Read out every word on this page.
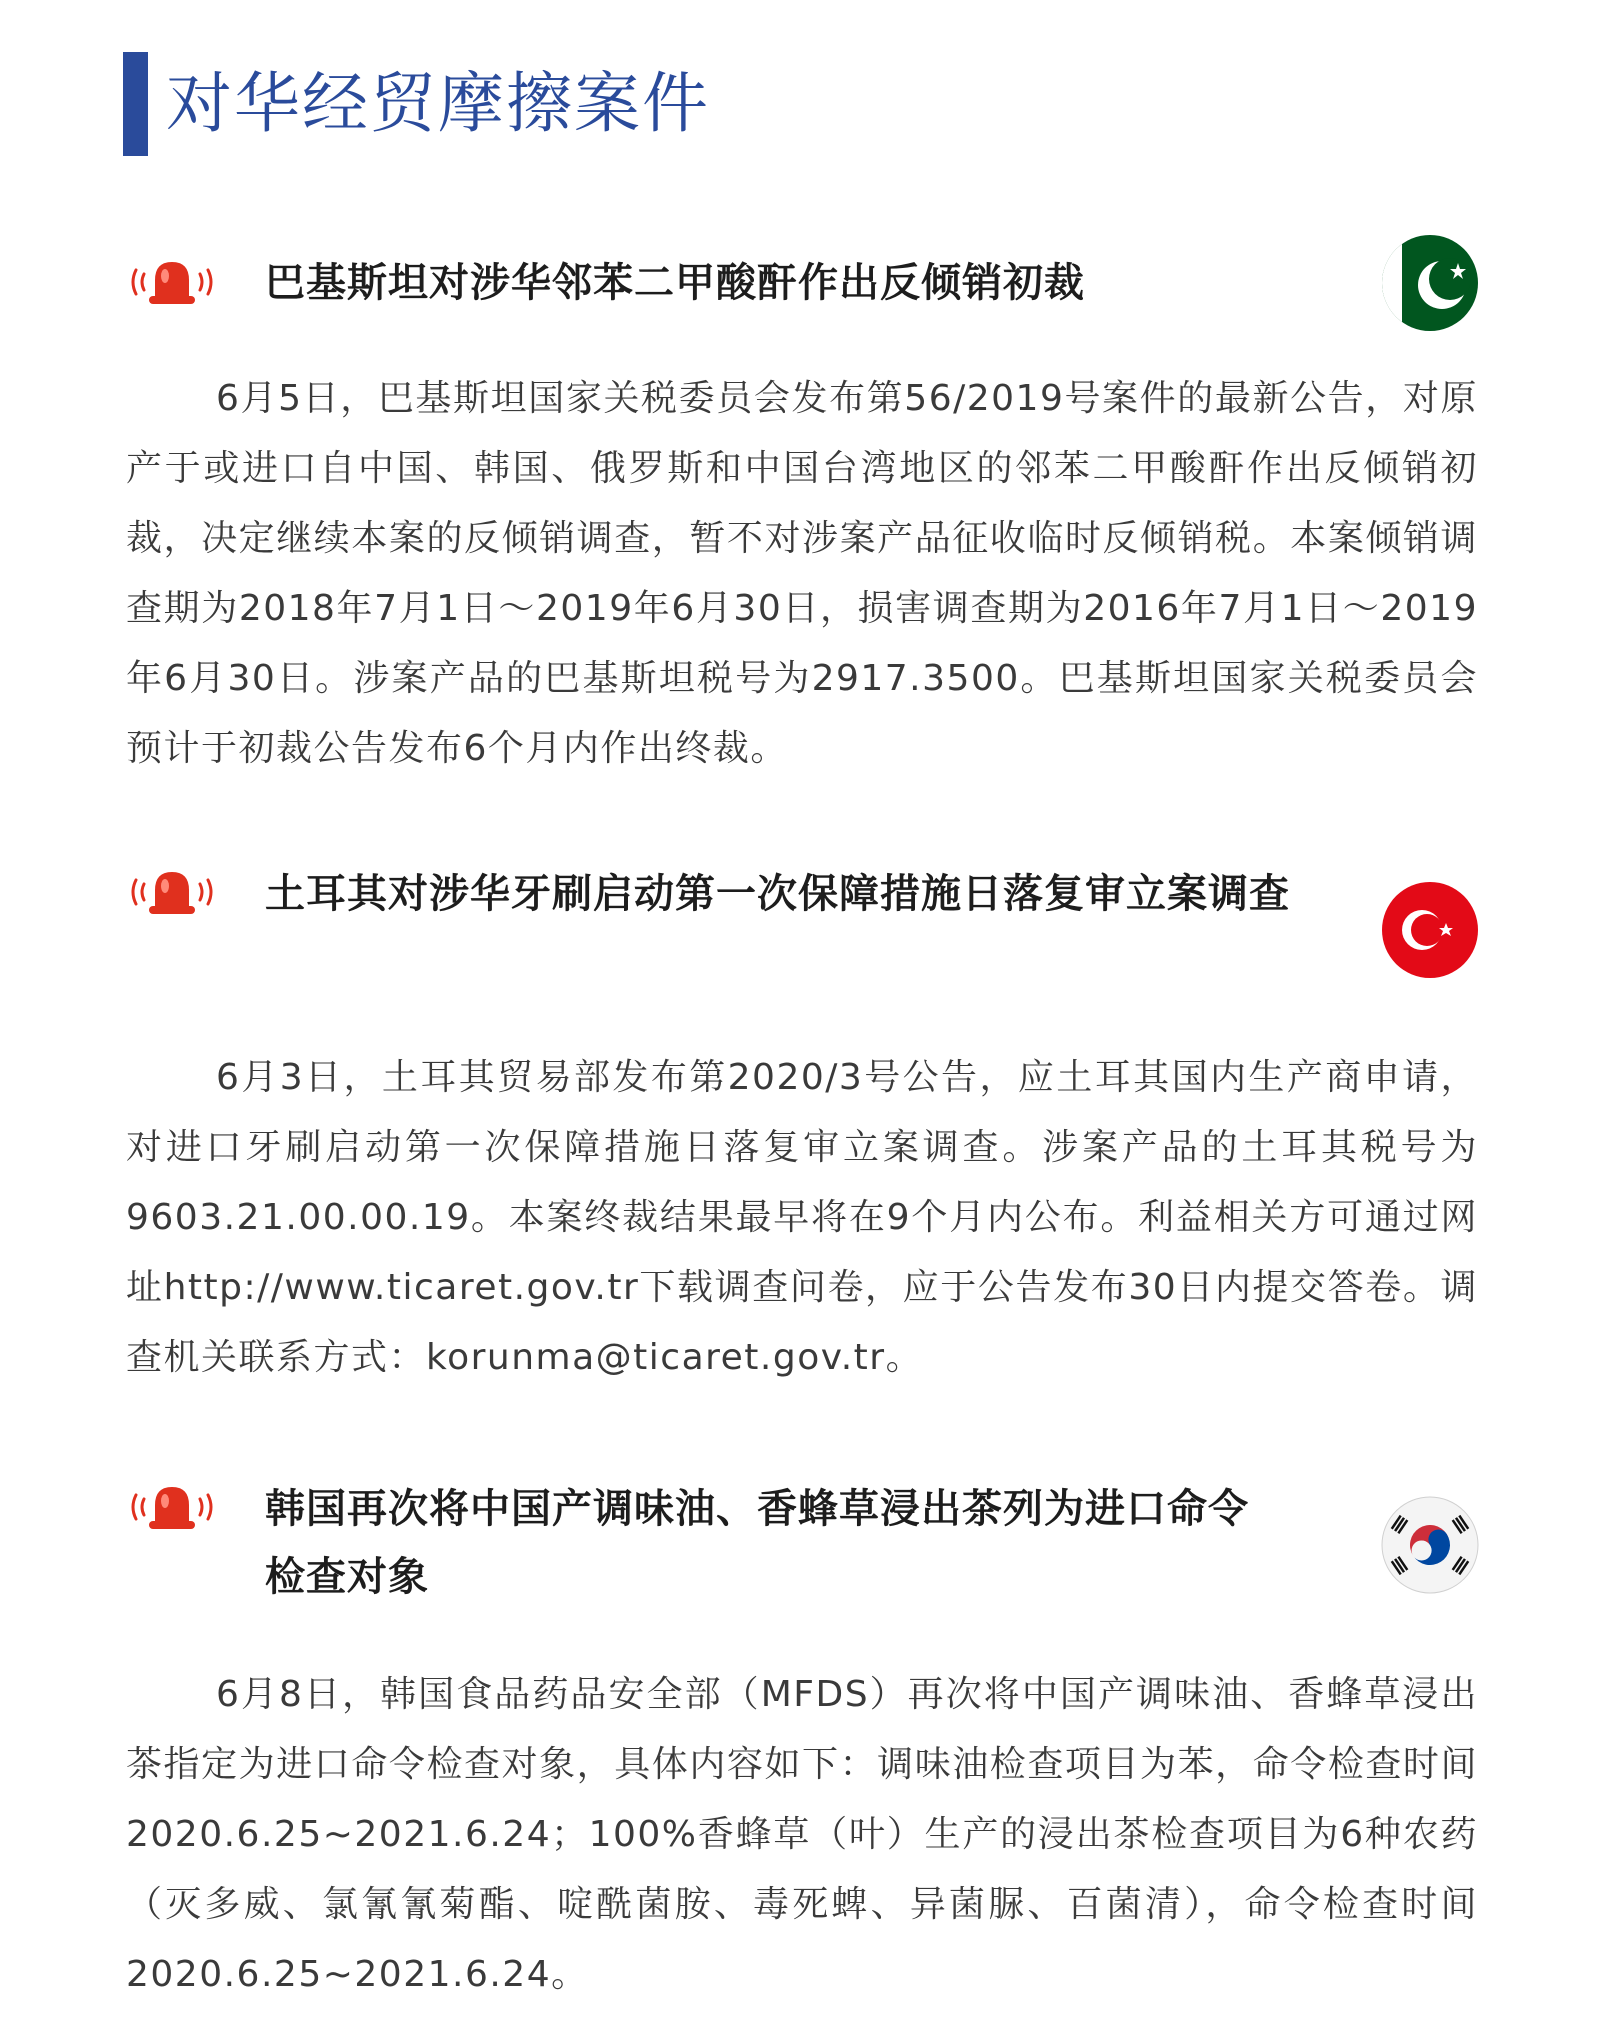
对华经贸摩擦案件
巴基斯坦对涉华邻苯二甲酸酐作出反倾销初裁

6月5日，巴基斯坦国家关税委员会发布第56/2019号案件的最新公告，对原产于或进口自中国、韩国、俄罗斯和中国台湾地区的邻苯二甲酸酐作出反倾销初裁，决定继续本案的反倾销调查，暂不对涉案产品征收临时反倾销税。本案倾销调查期为2018年7月1日～2019年6月30日，损害调查期为2016年7月1日～2019年6月30日。涉案产品的巴基斯坦税号为2917.3500。巴基斯坦国家关税委员会预计于初裁公告发布6个月内作出终裁。

土耳其对涉华牙刷启动第一次保障措施日落复审立案调查

6月3日，土耳其贸易部发布第2020/3号公告，应土耳其国内生产商申请，对进口牙刷启动第一次保障措施日落复审立案调查。涉案产品的土耳其税号为9603.21.00.00.19。本案终裁结果最早将在9个月内公布。利益相关方可通过网址http://www.ticaret.gov.tr下载调查问卷，应于公告发布30日内提交答卷。调查机关联系方式：korunma@ticaret.gov.tr。

韩国再次将中国产调味油、香蜂草浸出茶列为进口命令检查对象

6月8日，韩国食品药品安全部（MFDS）再次将中国产调味油、香蜂草浸出茶指定为进口命令检查对象，具体内容如下：调味油检查项目为苯，命令检查时间2020.6.25~2021.6.24；100%香蜂草（叶）生产的浸出茶检查项目为6种农药（灭多威、氯氰氰菊酯、啶酰菌胺、毒死蜱、异菌脲、百菌清），命令检查时间2020.6.25~2021.6.24。
